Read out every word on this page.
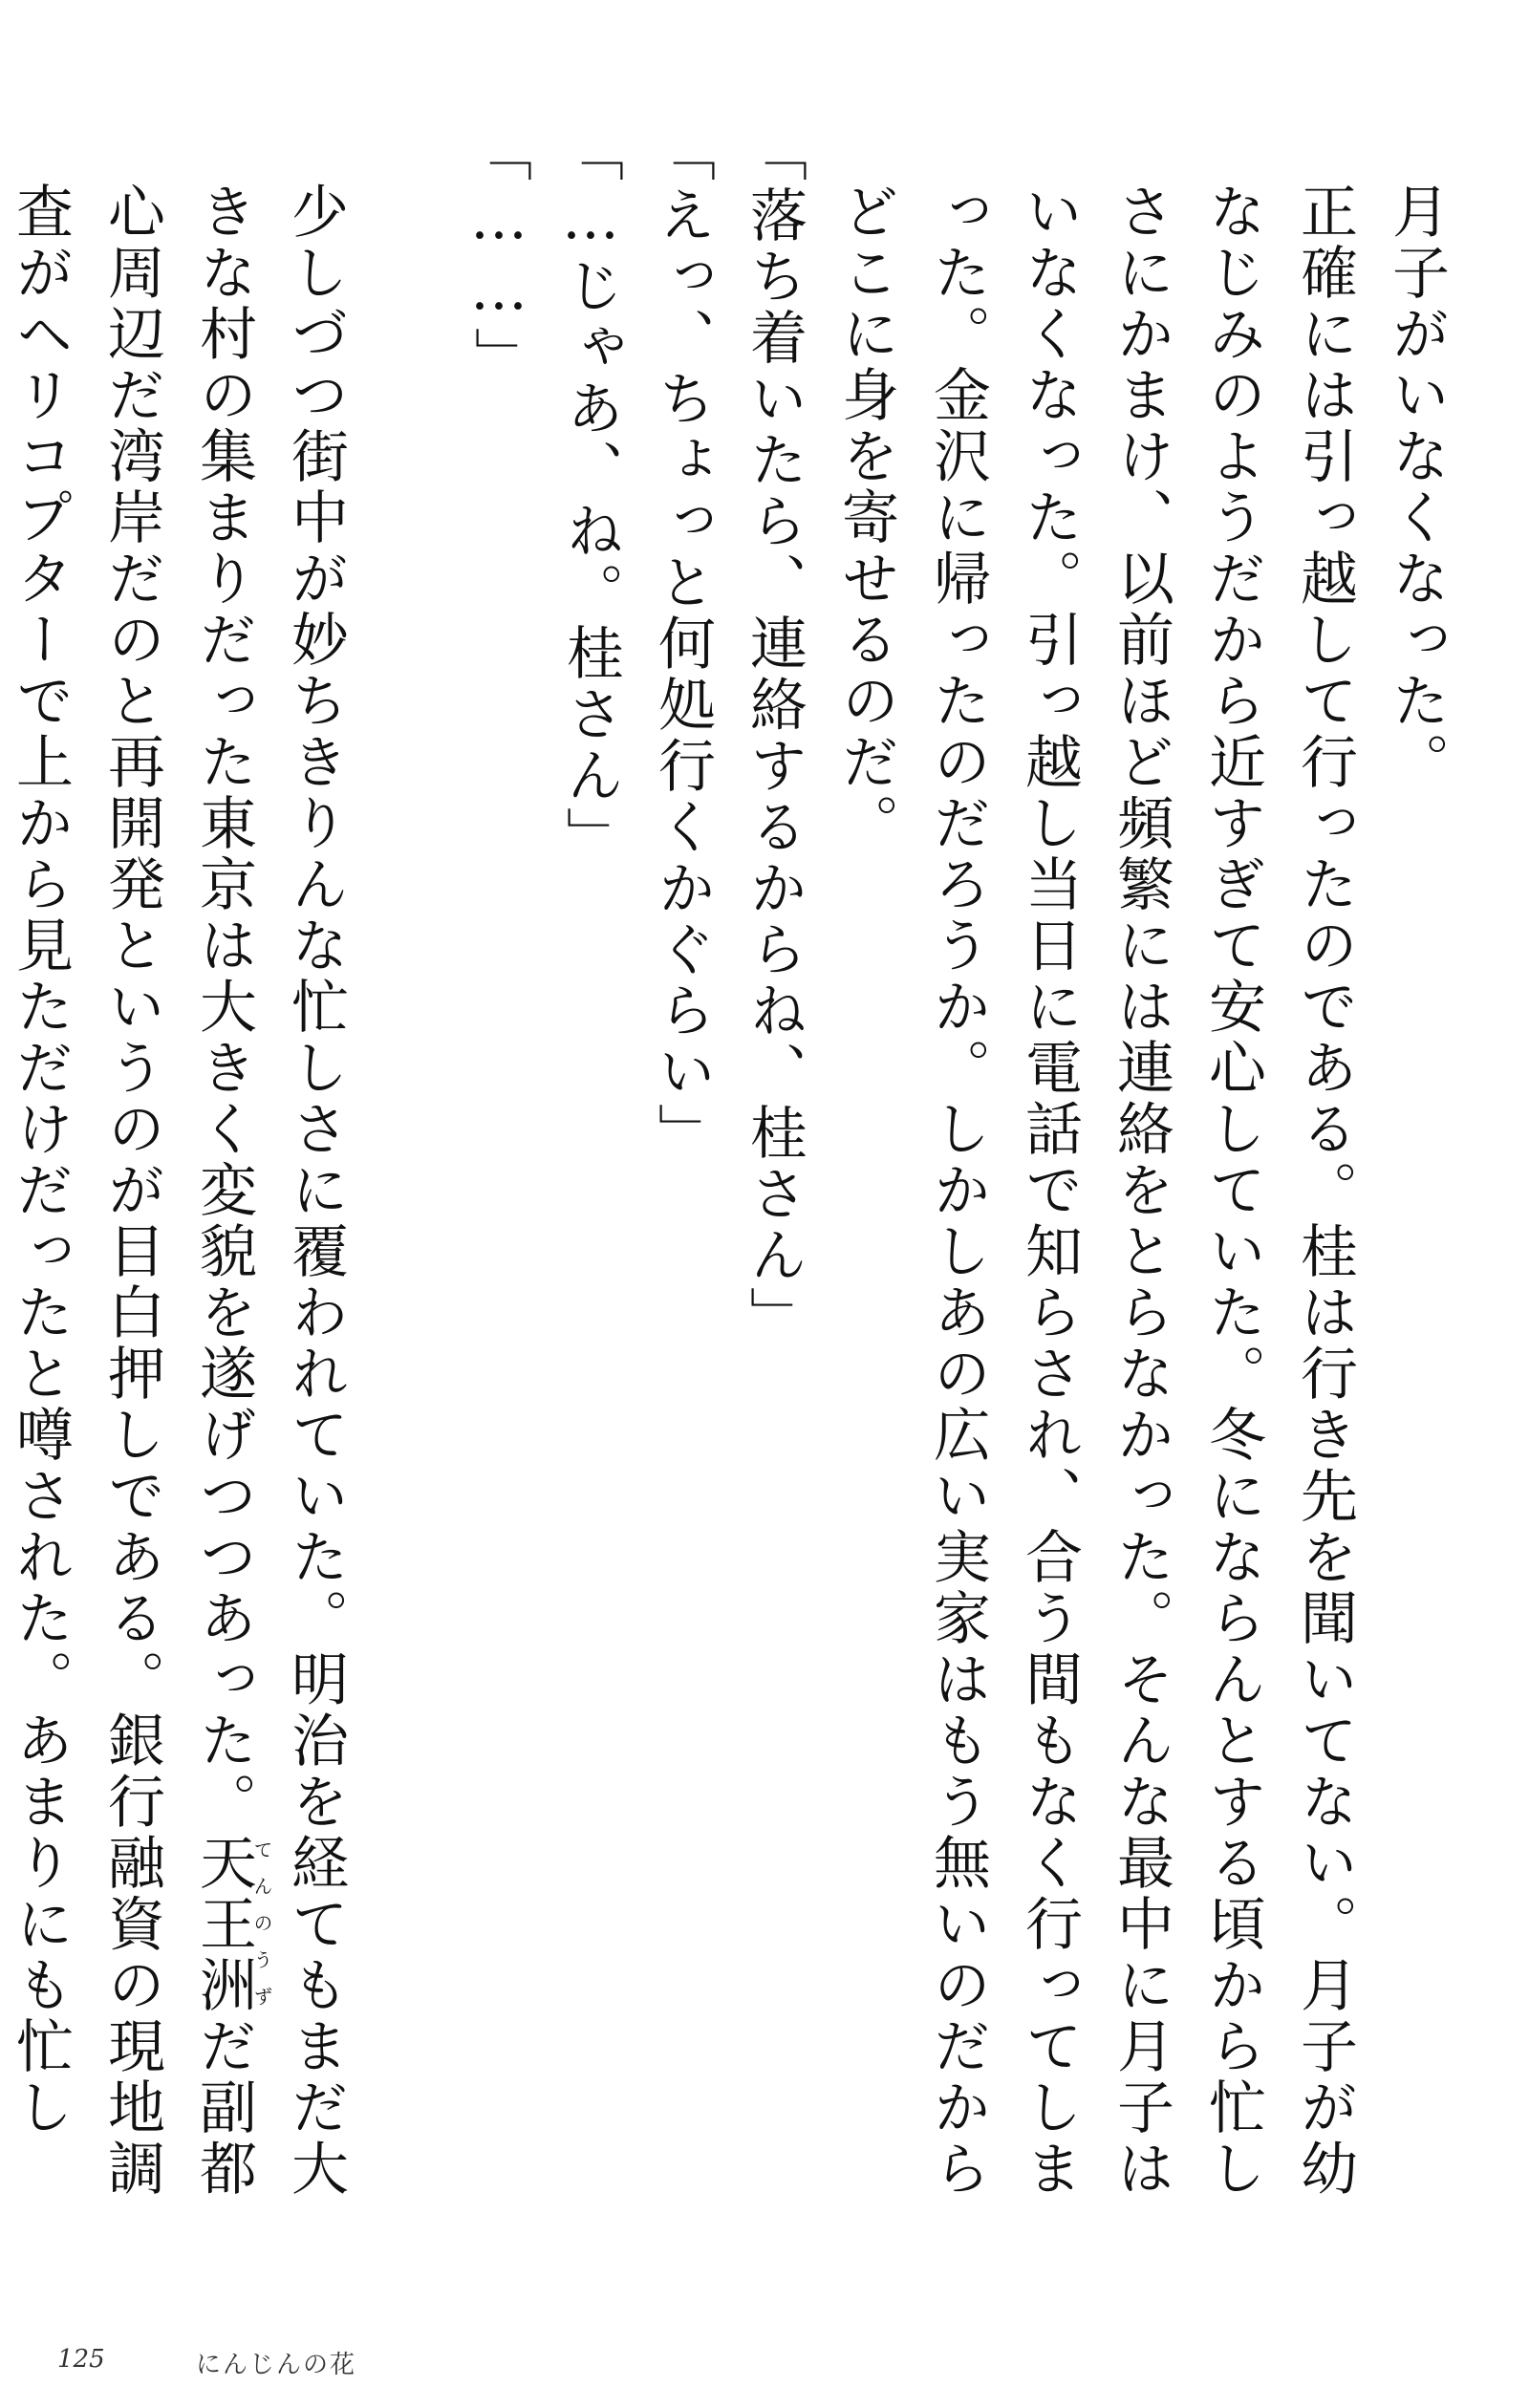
月子がいなくなった。

正確には引っ越して行ったのである。桂は行き先を聞いてない。月子が幼なじみのようだから近すぎて安心していた。冬にならんとする頃から忙しさにかまけ、以前ほど頻繁には連絡をとらなかった。そんな最中に月子はいなくなった。引っ越し当日に電話で知らされ、合う間もなく行ってしまった。金沢に帰ったのだろうか。しかしあの広い実家はもう無いのだからどこに身を寄せるのだ。

「落ち着いたら、連絡するからね、桂さん」

「えっ、ちょっと何処行くかぐらい」

「…じゃあ、ね。桂さん」

「……」

少しづつ街中が妙ちきりんな忙しさに覆われていた。明治を経てもまだ大きな村の集まりだった東京は大きく変貌を遂げつつあった。天王洲てんのうずだ副都心周辺だ湾岸だのと再開発というのが目白押しである。銀行融資の現地調査がヘリコプターで上から見ただけだったと噂された。あまりにも忙し

125	にんじんの花
